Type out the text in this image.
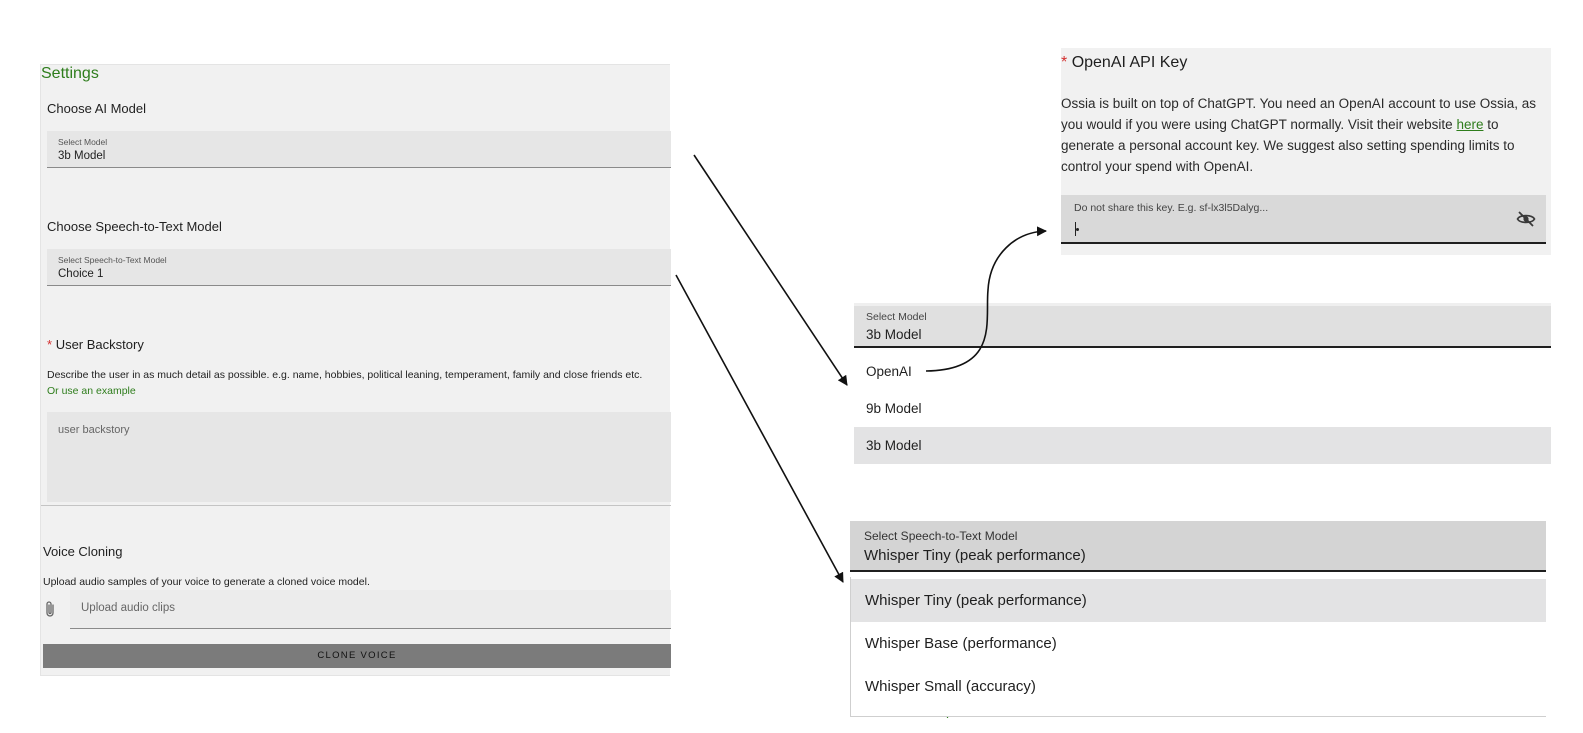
Settings
Choose AI Model
Select Model
3b Model
Choose Speech-to-Text Model
Select Speech-to-Text Model
Choice 1
* User Backstory
Describe the user in as much detail as possible. e.g. name, hobbies, political leaning, temperament, family and close friends etc.
Or use an example
user backstory
Voice Cloning
Upload audio samples of your voice to generate a cloned voice model.
Upload audio clips
CLONE VOICE
* OpenAI API Key
Ossia is built on top of ChatGPT. You need an OpenAI account to use Ossia, as you would if you were using ChatGPT normally. Visit their website here to generate a personal account key. We suggest also setting spending limits to control your spend with OpenAI.
Do not share this key. E.g. sf-lx3l5Dalyg...
Select Model
3b Model
OpenAI
9b Model
3b Model
Select Speech-to-Text Model
Whisper Tiny (peak performance)
Whisper Tiny (peak performance)
Whisper Base (performance)
Whisper Small (accuracy)
